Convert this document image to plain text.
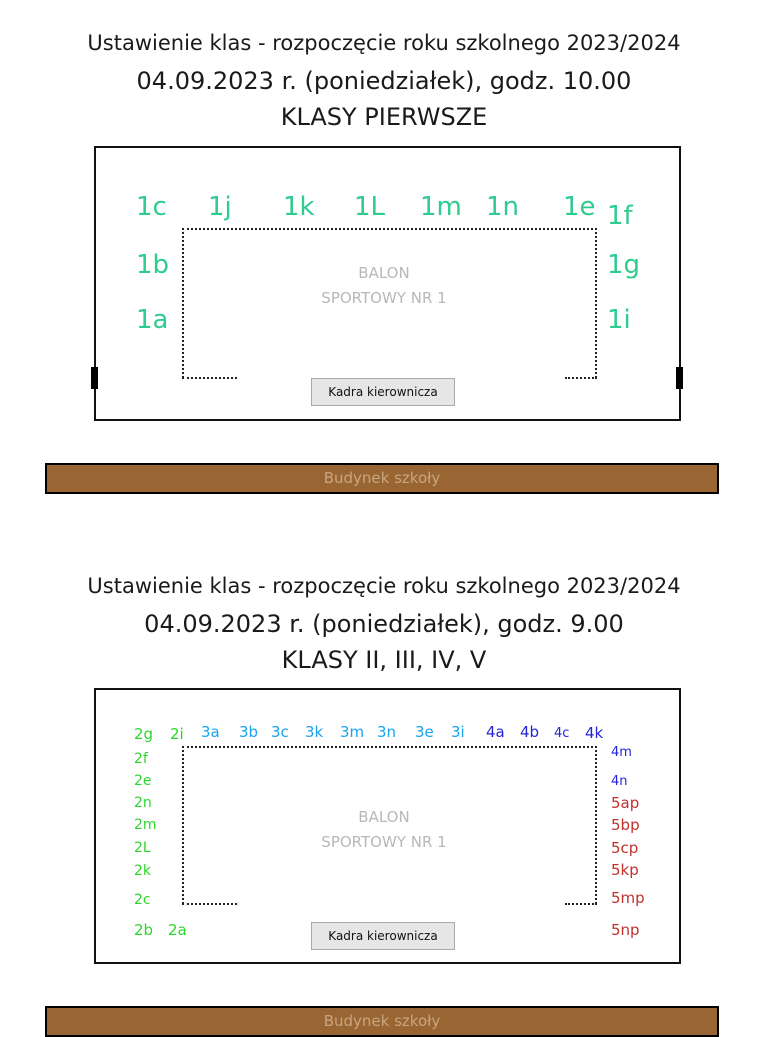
Ustawienie klas - rozpoczęcie roku szkolnego 2023/2024
04.09.2023 r. (poniedziałek), godz. 10.00
KLASY PIERWSZE
BALON
SPORTOWY NR 1
Kadra kierownicza
1c 1j 1k 1L 1m 1n 1e 1f
1b	1g
1a	1i
Budynek szkoły
Ustawienie klas - rozpoczęcie roku szkolnego 2023/2024
04.09.2023 r. (poniedziałek), godz. 9.00
KLASY II, III, IV, V
BALON
SPORTOWY NR 1
Kadra kierownicza
2g 2i 3a 3b 3c 3k 3m 3n 3e 3i 4a 4b 4c 4k
4m
4n
5ap
5bp
5cp
5kp
5mp
5np
2f
2e
2n
2m
2L
2k
2c
2b 2a
Budynek szkoły
